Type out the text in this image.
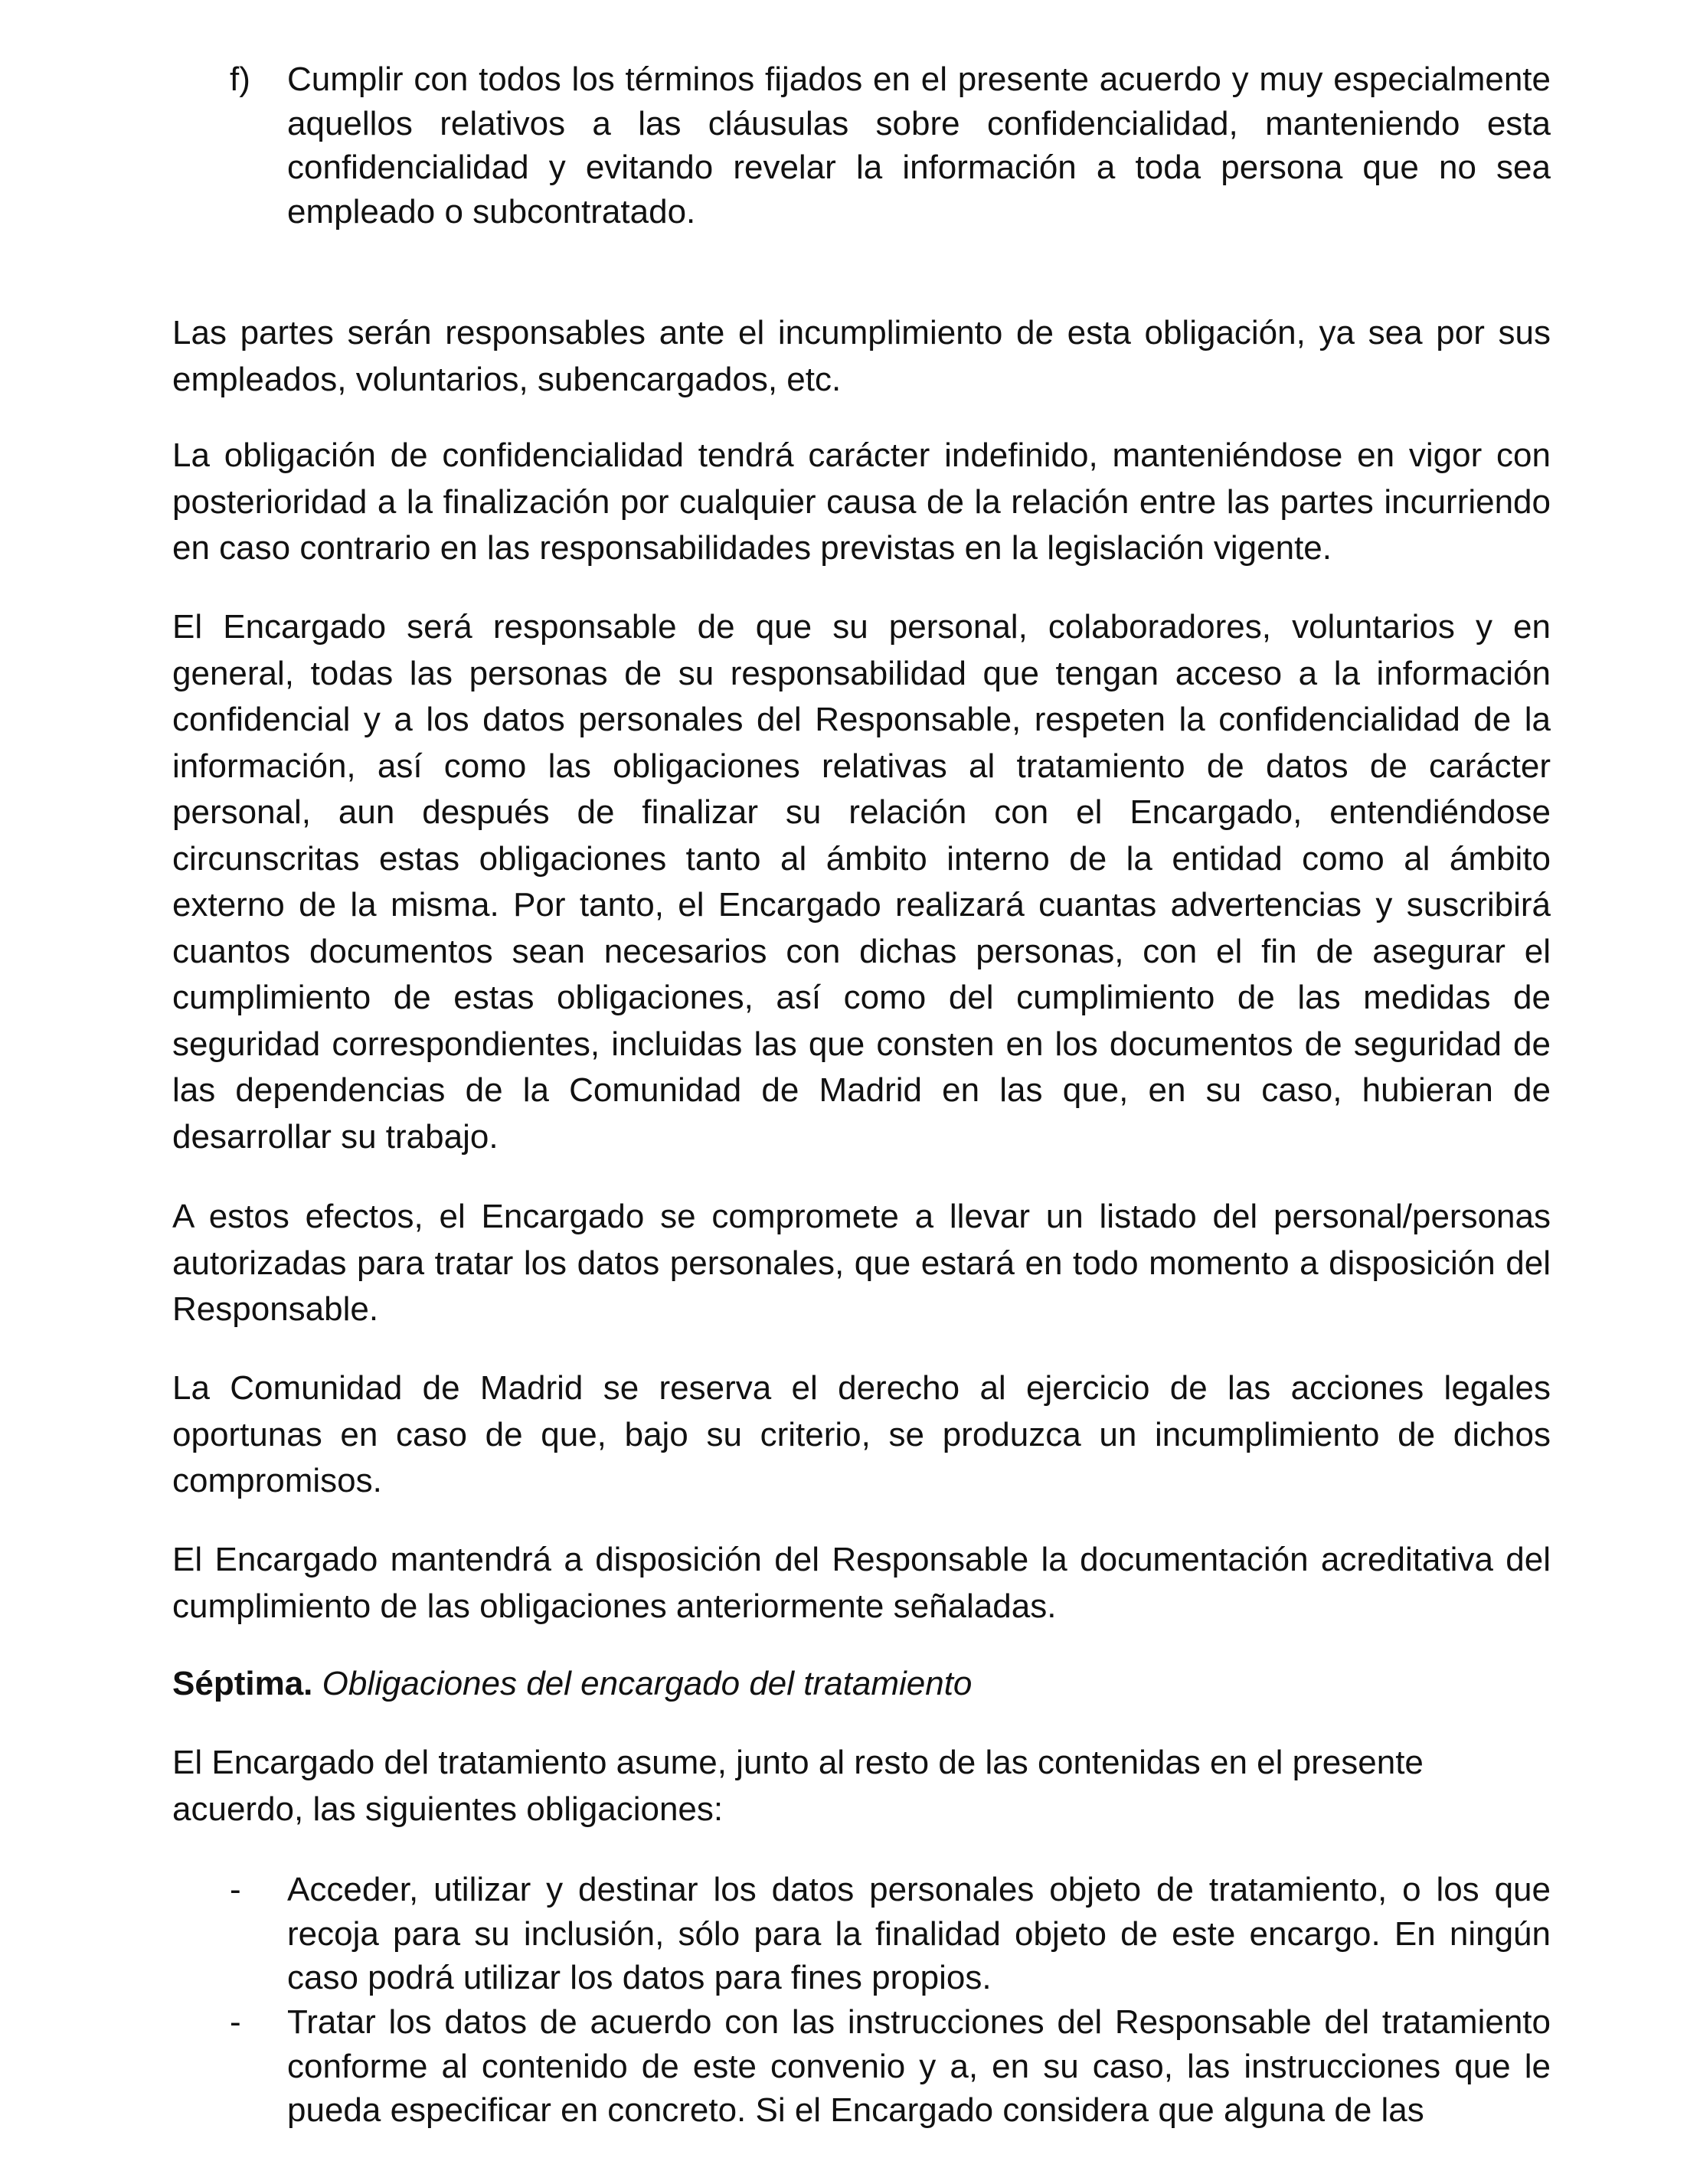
f) Cumplir con todos los términos fijados en el presente acuerdo y muy especialmente aquellos relativos a las cláusulas sobre confidencialidad, manteniendo esta confidencialidad y evitando revelar la información a toda persona que no sea empleado o subcontratado.

Las partes serán responsables ante el incumplimiento de esta obligación, ya sea por sus empleados, voluntarios, subencargados, etc.

La obligación de confidencialidad tendrá carácter indefinido, manteniéndose en vigor con posterioridad a la finalización por cualquier causa de la relación entre las partes incurriendo en caso contrario en las responsabilidades previstas en la legislación vigente.

El Encargado será responsable de que su personal, colaboradores, voluntarios y en general, todas las personas de su responsabilidad que tengan acceso a la información confidencial y a los datos personales del Responsable, respeten la confidencialidad de la información, así como las obligaciones relativas al tratamiento de datos de carácter personal, aun después de finalizar su relación con el Encargado, entendiéndose circunscritas estas obligaciones tanto al ámbito interno de la entidad como al ámbito externo de la misma. Por tanto, el Encargado realizará cuantas advertencias y suscribirá cuantos documentos sean necesarios con dichas personas, con el fin de asegurar el cumplimiento de estas obligaciones, así como del cumplimiento de las medidas de seguridad correspondientes, incluidas las que consten en los documentos de seguridad de las dependencias de la Comunidad de Madrid en las que, en su caso, hubieran de desarrollar su trabajo.

A estos efectos, el Encargado se compromete a llevar un listado del personal/personas autorizadas para tratar los datos personales, que estará en todo momento a disposición del Responsable.

La Comunidad de Madrid se reserva el derecho al ejercicio de las acciones legales oportunas en caso de que, bajo su criterio, se produzca un incumplimiento de dichos compromisos.

El Encargado mantendrá a disposición del Responsable la documentación acreditativa del cumplimiento de las obligaciones anteriormente señaladas.

Séptima. Obligaciones del encargado del tratamiento

El Encargado del tratamiento asume, junto al resto de las contenidas en el presente acuerdo, las siguientes obligaciones:

- Acceder, utilizar y destinar los datos personales objeto de tratamiento, o los que recoja para su inclusión, sólo para la finalidad objeto de este encargo. En ningún caso podrá utilizar los datos para fines propios.
- Tratar los datos de acuerdo con las instrucciones del Responsable del tratamiento conforme al contenido de este convenio y a, en su caso, las instrucciones que le pueda especificar en concreto. Si el Encargado considera que alguna de las
